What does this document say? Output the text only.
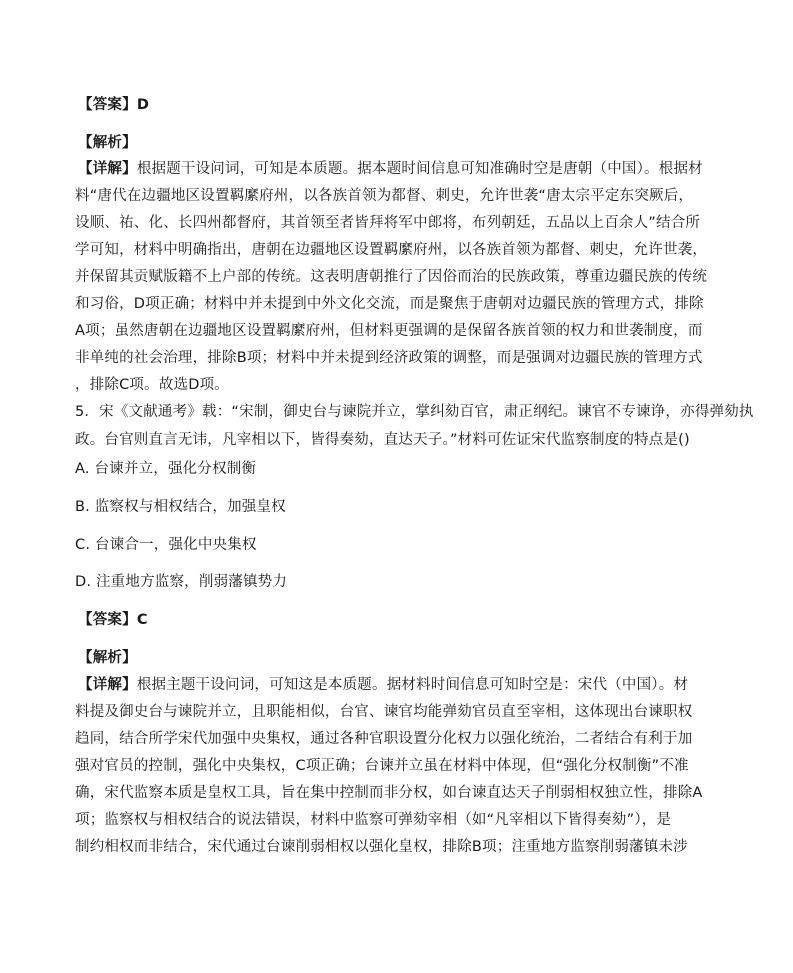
【答案】D
【解析】
【详解】根据题干设问词，可知是本质题。据本题时间信息可知准确时空是唐朝（中国）。根据材
料“唐代在边疆地区设置羁縻府州，以各族首领为都督、刺史，允许世袭“唐太宗平定东突厥后，
设顺、祐、化、长四州都督府，其首领至者皆拜将军中郎将，布列朝廷，五品以上百余人”结合所
学可知，材料中明确指出，唐朝在边疆地区设置羁縻府州，以各族首领为都督、刺史，允许世袭，
并保留其贡赋版籍不上户部的传统。这表明唐朝推行了因俗而治的民族政策，尊重边疆民族的传统
和习俗，D项正确；材料中并未提到中外文化交流，而是聚焦于唐朝对边疆民族的管理方式，排除
A项；虽然唐朝在边疆地区设置羁縻府州，但材料更强调的是保留各族首领的权力和世袭制度，而
非单纯的社会治理，排除B项；材料中并未提到经济政策的调整，而是强调对边疆民族的管理方式
，排除C项。故选D项。
5．宋《文献通考》载：“宋制，御史台与谏院并立，掌纠劾百官，肃正纲纪。谏官不专谏诤，亦得弹劾执
政。台官则直言无讳，凡宰相以下，皆得奏劾，直达天子。”材料可佐证宋代监察制度的特点是()
A. 台谏并立，强化分权制衡
B. 监察权与相权结合，加强皇权
C. 台谏合一，强化中央集权
D. 注重地方监察，削弱藩镇势力
【答案】C
【解析】
【详解】根据主题干设问词，可知这是本质题。据材料时间信息可知时空是：宋代（中国）。材
料提及御史台与谏院并立，且职能相似，台官、谏官均能弹劾官员直至宰相，这体现出台谏职权
趋同，结合所学宋代加强中央集权，通过各种官职设置分化权力以强化统治，二者结合有利于加
强对官员的控制，强化中央集权，C项正确；台谏并立虽在材料中体现，但“强化分权制衡”不准
确，宋代监察本质是皇权工具，旨在集中控制而非分权，如台谏直达天子削弱相权独立性，排除A
项；监察权与相权结合的说法错误，材料中监察可弹劾宰相（如“凡宰相以下皆得奏劾”），是
制约相权而非结合，宋代通过台谏削弱相权以强化皇权，排除B项；注重地方监察削弱藩镇未涉
